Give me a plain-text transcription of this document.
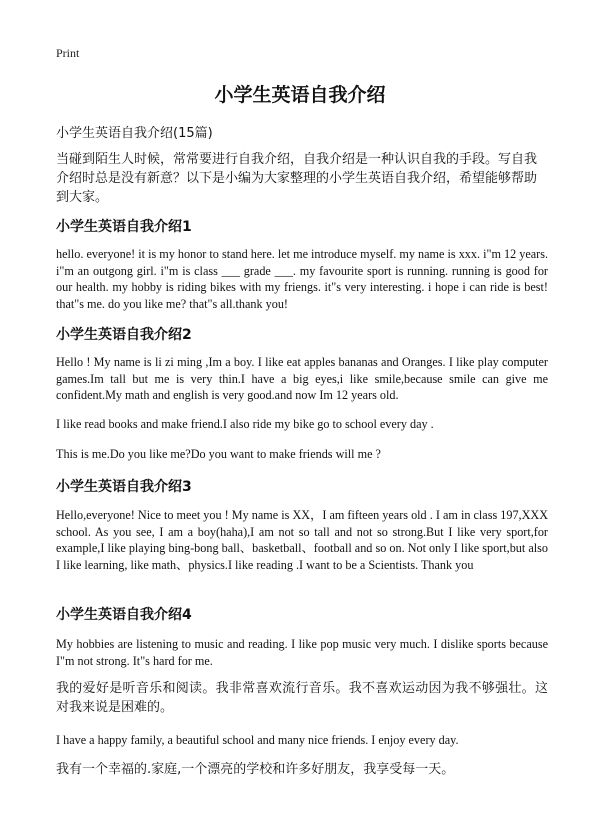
Print
小学生英语自我介绍
小学生英语自我介绍(15篇)
当碰到陌生人时候，常常要进行自我介绍，自我介绍是一种认识自我的手段。写自我介绍时总是没有新意？以下是小编为大家整理的小学生英语自我介绍，希望能够帮助到大家。
小学生英语自我介绍1
hello. everyone! it is my honor to stand here. let me introduce myself. my name is xxx. i"m 12 years. i"m an outgong girl. i"m is class ___ grade ___. my favourite sport is running. running is good for our health. my hobby is riding bikes with my friengs. it"s very interesting. i hope i can ride is best! that"s me. do you like me? that"s all.thank you!
小学生英语自我介绍2
Hello ! My name is li zi ming ,Im a boy. I like eat apples bananas and Oranges. I like play computer games.Im tall but me is very thin.I have a big eyes,i like smile,because smile can give me confident.My math and english is very good.and now Im 12 years old.
I like read books and make friend.I also ride my bike go to school every day .
This is me.Do you like me?Do you want to make friends will me ?
小学生英语自我介绍3
Hello,everyone! Nice to meet you ! My name is XX，I am fifteen years old . I am in class 197,XXX school. As you see, I am a boy(haha),I am not so tall and not so strong.But I like very sport,for example,I like playing bing-bong ball、basketball、football and so on. Not only I like sport,but also I like learning, like math、physics.I like reading .I want to be a Scientists. Thank you
小学生英语自我介绍4
My hobbies are listening to music and reading. I like pop music very much. I dislike sports because I"m not strong. It"s hard for me.
我的爱好是听音乐和阅读。我非常喜欢流行音乐。我不喜欢运动因为我不够强壮。这对我来说是困难的。
I have a happy family, a beautiful school and many nice friends. I enjoy every day.
我有一个幸福的.家庭,一个漂亮的学校和许多好朋友，我享受每一天。
